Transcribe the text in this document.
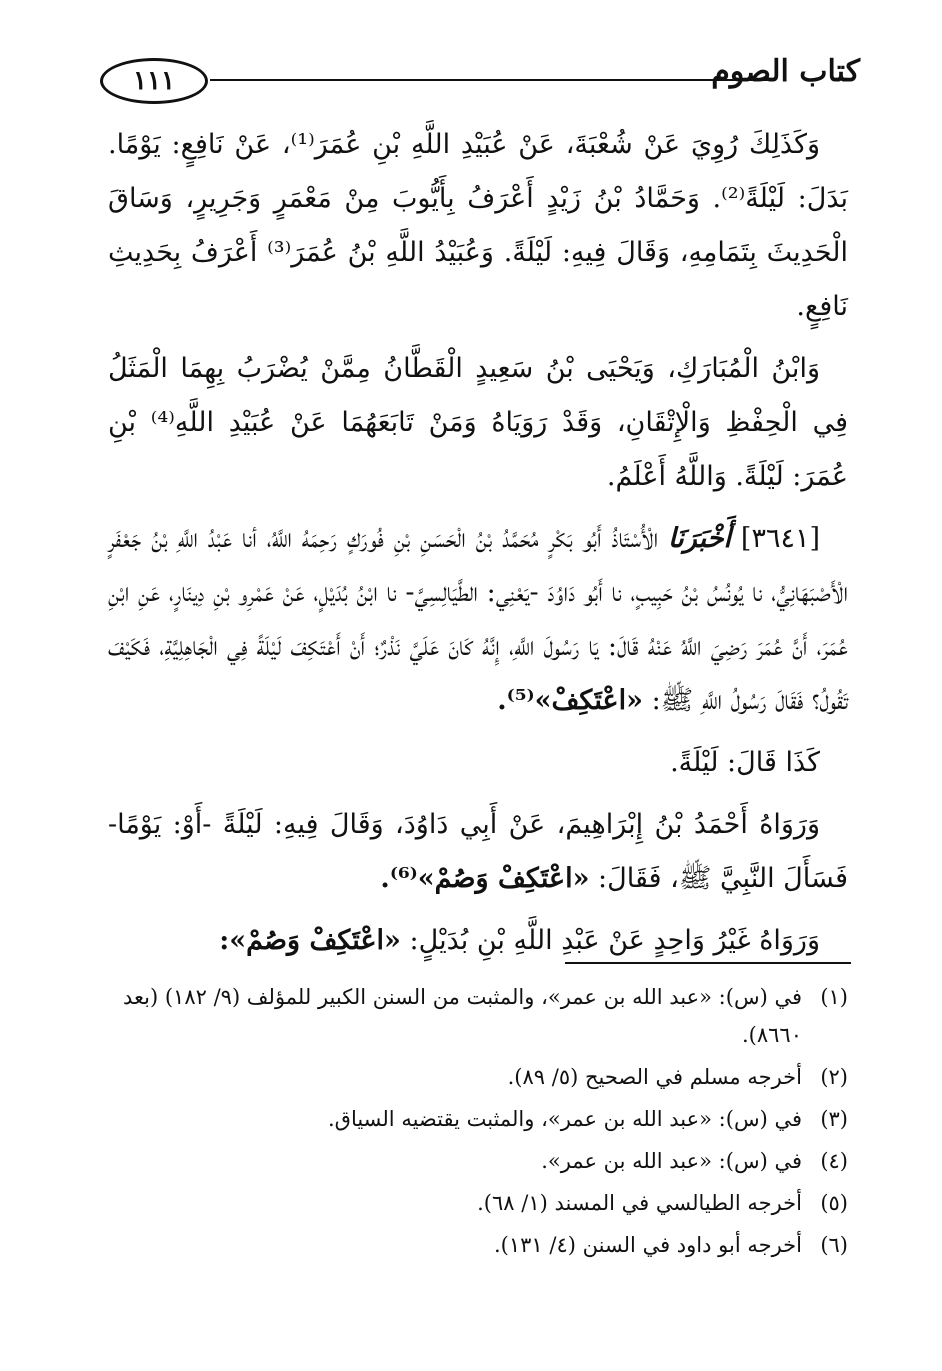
١١١	كتاب الصوم

وَكَذَلِكَ رُوِيَ عَنْ شُعْبَةَ، عَنْ عُبَيْدِ اللَّهِ بْنِ عُمَرَ⁽¹⁾، عَنْ نَافِعٍ: يَوْمًا. بَدَلَ: لَيْلَةً⁽²⁾. وَحَمَّادُ بْنُ زَيْدٍ أَعْرَفُ بِأَيُّوبَ مِنْ مَعْمَرٍ وَجَرِيرٍ، وَسَاقَ الْحَدِيثَ بِتَمَامِهِ، وَقَالَ فِيهِ: لَيْلَةً. وَعُبَيْدُ اللَّهِ بْنُ عُمَرَ⁽³⁾ أَعْرَفُ بِحَدِيثِ نَافِعٍ.

وَابْنُ الْمُبَارَكِ، وَيَحْيَى بْنُ سَعِيدٍ الْقَطَّانُ مِمَّنْ يُضْرَبُ بِهِمَا الْمَثَلُ فِي الْحِفْظِ وَالْإِتْقَانِ، وَقَدْ رَوَيَاهُ وَمَنْ تَابَعَهُمَا عَنْ عُبَيْدِ اللَّهِ⁽⁴⁾ بْنِ عُمَرَ: لَيْلَةً. وَاللَّهُ أَعْلَمُ.

[٣٦٤١] أَخْبَرَنَا الْأُسْتَاذُ أَبُو بَكْرٍ مُحَمَّدُ بْنُ الْحَسَنِ بْنِ فُورَكٍ رَحِمَهُ اللَّهُ، أنا عَبْدُ اللَّهِ بْنُ جَعْفَرٍ الْأَصْبَهَانِيُّ، نا يُونُسُ بْنُ حَبِيبٍ، نا أَبُو دَاوُدَ -يَعْنِي: الطَّيَالِسِيَّ- نا ابْنُ بُدَيْلٍ، عَنْ عَمْرِو بْنِ دِينَارٍ، عَنِ ابْنِ عُمَرَ، أَنَّ عُمَرَ رَضِيَ اللَّهُ عَنْهُ قَالَ: يَا رَسُولَ اللَّهِ، إِنَّهُ كَانَ عَلَيَّ نَذْرٌ؛ أَنْ أَعْتَكِفَ لَيْلَةً فِي الْجَاهِلِيَّةِ، فَكَيْفَ تَقُولُ؟ فَقَالَ رَسُولُ اللَّهِ ﷺ: «اعْتَكِفْ»⁽⁵⁾.

كَذَا قَالَ: لَيْلَةً.

وَرَوَاهُ أَحْمَدُ بْنُ إِبْرَاهِيمَ، عَنْ أَبِي دَاوُدَ، وَقَالَ فِيهِ: لَيْلَةً -أَوْ: يَوْمًا- فَسَأَلَ النَّبِيَّ ﷺ، فَقَالَ: «اعْتَكِفْ وَصُمْ»⁽⁶⁾.

وَرَوَاهُ غَيْرُ وَاحِدٍ عَنْ عَبْدِ اللَّهِ بْنِ بُدَيْلٍ: «اعْتَكِفْ وَصُمْ»:

(١)
في (س): «عبد الله بن عمر»، والمثبت من السنن الكبير للمؤلف (٩/ ١٨٢) (بعد ٨٦٦٠).
(٢)
أخرجه مسلم في الصحيح (٥/ ٨٩).
(٣)
في (س): «عبد الله بن عمر»، والمثبت يقتضيه السياق.
(٤)
في (س): «عبد الله بن عمر».
(٥)
أخرجه الطيالسي في المسند (١/ ٦٨).
(٦)
أخرجه أبو داود في السنن (٤/ ١٣١).
